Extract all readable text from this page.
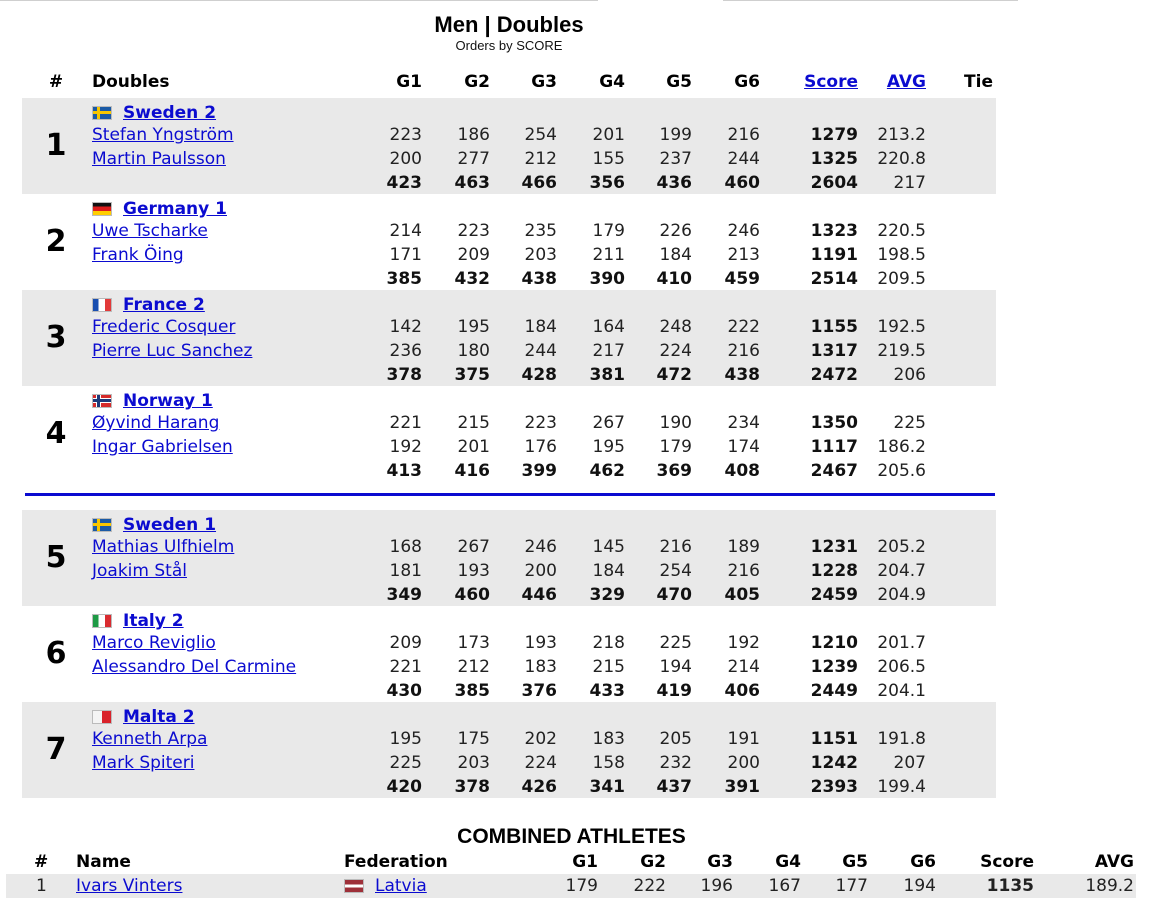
Men | Doubles
Orders by SCORE
#	Doubles	G1	G2	G3	G4	G5	G6	Score	AVG	Tie
1
Sweden 2
Stefan Yngström	223	186	254	201	199	216	1279	213.2
Martin Paulsson	200	277	212	155	237	244	1325	220.8
423	463	466	356	436	460	2604	217
2
Germany 1
Uwe Tscharke	214	223	235	179	226	246	1323	220.5
Frank Öing	171	209	203	211	184	213	1191	198.5
385	432	438	390	410	459	2514	209.5
3
France 2
Frederic Cosquer	142	195	184	164	248	222	1155	192.5
Pierre Luc Sanchez	236	180	244	217	224	216	1317	219.5
378	375	428	381	472	438	2472	206
4
Norway 1
Øyvind Harang	221	215	223	267	190	234	1350	225
Ingar Gabrielsen	192	201	176	195	179	174	1117	186.2
413	416	399	462	369	408	2467	205.6
5
Sweden 1
Mathias Ulfhielm	168	267	246	145	216	189	1231	205.2
Joakim Stål	181	193	200	184	254	216	1228	204.7
349	460	446	329	470	405	2459	204.9
6
Italy 2
Marco Reviglio	209	173	193	218	225	192	1210	201.7
Alessandro Del Carmine	221	212	183	215	194	214	1239	206.5
430	385	376	433	419	406	2449	204.1
7
Malta 2
Kenneth Arpa	195	175	202	183	205	191	1151	191.8
Mark Spiteri	225	203	224	158	232	200	1242	207
420	378	426	341	437	391	2393	199.4
COMBINED ATHLETES
# Name	Federation	G1	G2	G3	G4	G5	G6	Score	AVG
1 Ivars Vinters	Latvia	179	222	196	167	177	194	1135	189.2
